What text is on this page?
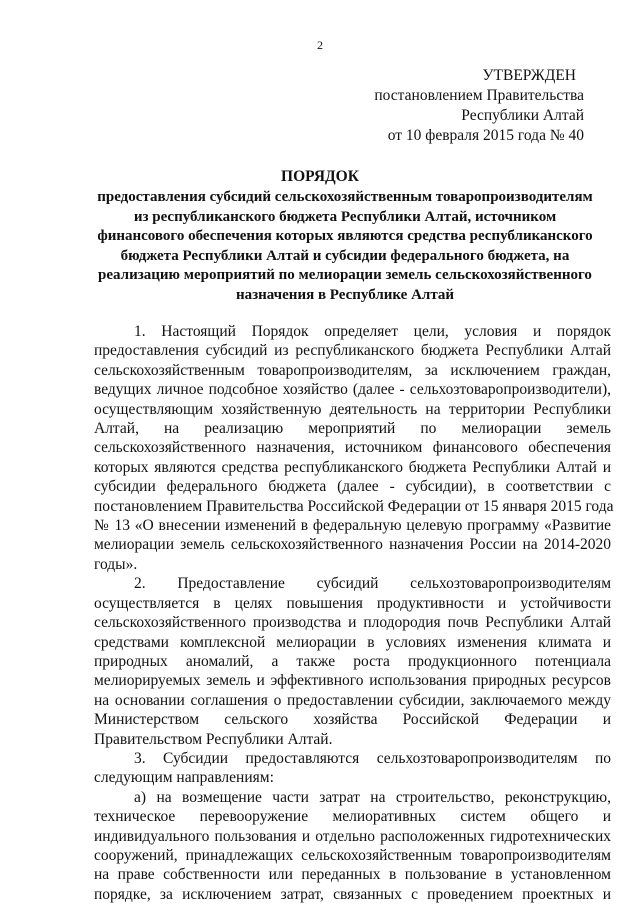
2
УТВЕРЖДЕН
постановлением Правительства
Республики Алтай
от 10 февраля 2015 года № 40
ПОРЯДОК
предоставления субсидий сельскохозяйственным товаропроизводителям
из республиканского бюджета Республики Алтай, источником
финансового обеспечения которых являются средства республиканского
бюджета Республики Алтай и субсидии федерального бюджета, на
реализацию мероприятий по мелиорации земель сельскохозяйственного
назначения в Республике Алтай
1. Настоящий Порядок определяет цели, условия и порядок
предоставления субсидий из республиканского бюджета Республики Алтай
сельскохозяйственным товаропроизводителям, за исключением граждан,
ведущих личное подсобное хозяйство (далее - сельхозтоваропроизводители),
осуществляющим хозяйственную деятельность на территории Республики
Алтай, на реализацию мероприятий по мелиорации земель
сельскохозяйственного назначения, источником финансового обеспечения
которых являются средства республиканского бюджета Республики Алтай и
субсидии федерального бюджета (далее - субсидии), в соответствии с
постановлением Правительства Российской Федерации от 15 января 2015 года
№ 13 «О внесении изменений в федеральную целевую программу «Развитие
мелиорации земель сельскохозяйственного назначения России на 2014-2020
годы».
2. Предоставление субсидий сельхозтоваропроизводителям
осуществляется в целях повышения продуктивности и устойчивости
сельскохозяйственного производства и плодородия почв Республики Алтай
средствами комплексной мелиорации в условиях изменения климата и
природных аномалий, а также роста продукционного потенциала
мелиорируемых земель и эффективного использования природных ресурсов
на основании соглашения о предоставлении субсидии, заключаемого между
Министерством сельского хозяйства Российской Федерации и
Правительством Республики Алтай.
3. Субсидии предоставляются сельхозтоваропроизводителям по
следующим направлениям:
а) на возмещение части затрат на строительство, реконструкцию,
техническое перевооружение мелиоративных систем общего и
индивидуального пользования и отдельно расположенных гидротехнических
сооружений, принадлежащих сельскохозяйственным товаропроизводителям
на праве собственности или переданных в пользование в установленном
порядке, за исключением затрат, связанных с проведением проектных и
